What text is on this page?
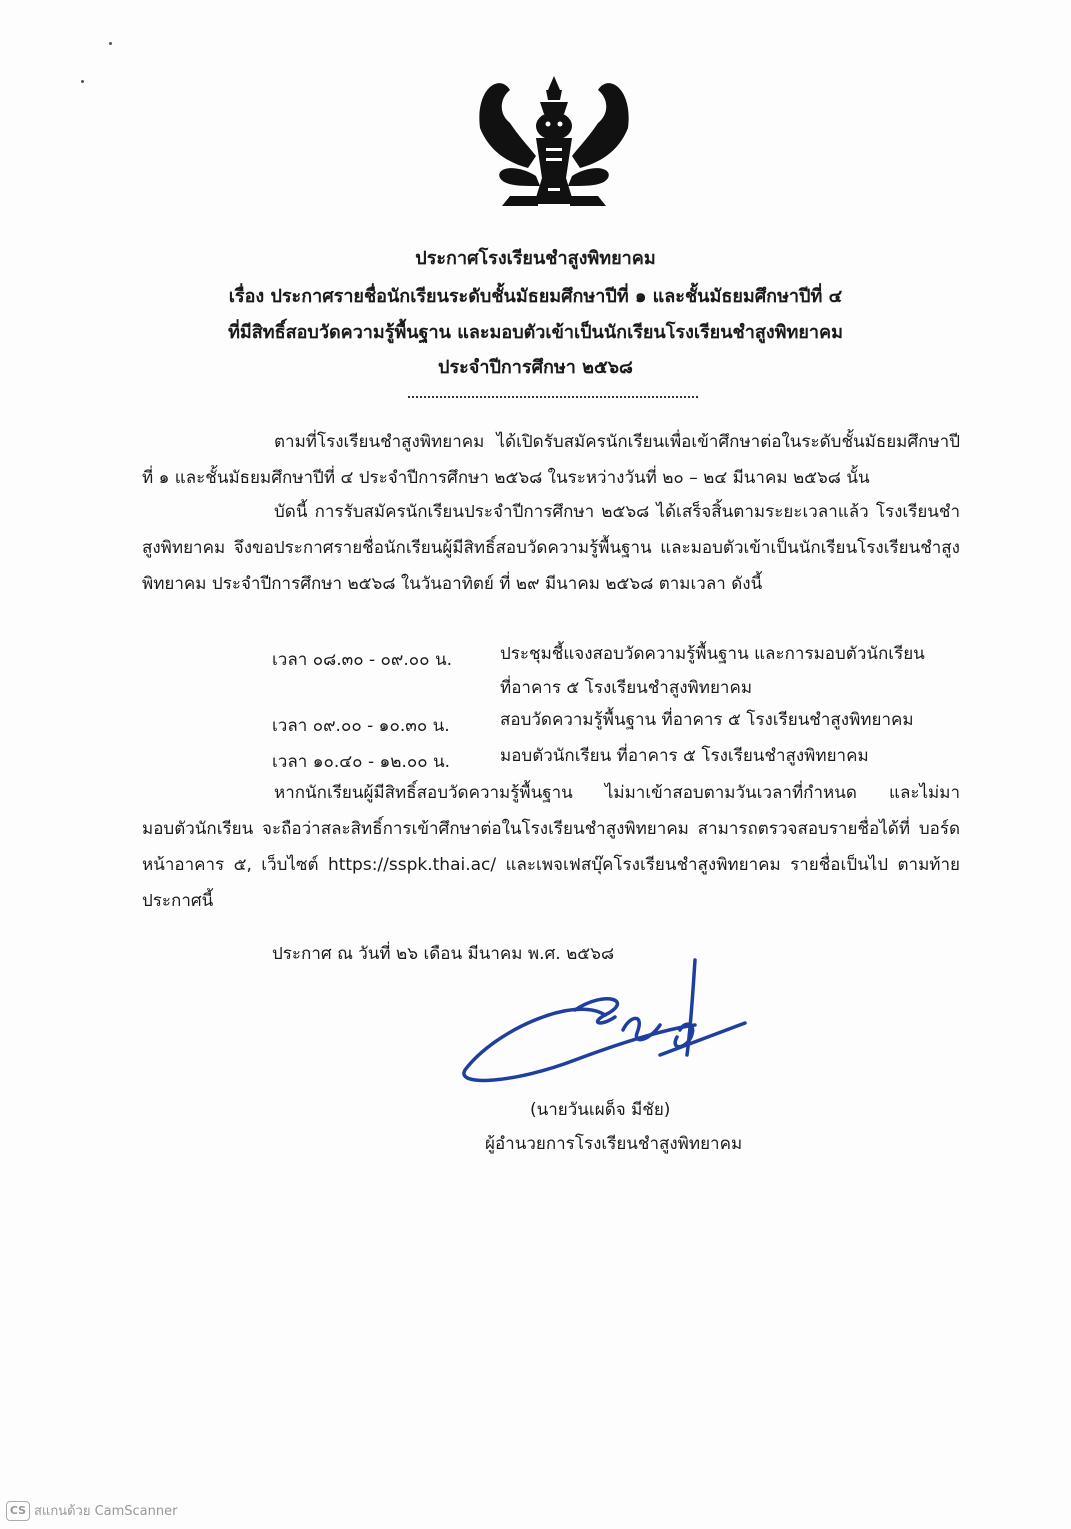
ประกาศโรงเรียนชำสูงพิทยาคม
เรื่อง ประกาศรายชื่อนักเรียนระดับชั้นมัธยมศึกษาปีที่ ๑ และชั้นมัธยมศึกษาปีที่ ๔
ที่มีสิทธิ์สอบวัดความรู้พื้นฐาน และมอบตัวเข้าเป็นนักเรียนโรงเรียนชำสูงพิทยาคม
ประจำปีการศึกษา ๒๕๖๘
ตามที่โรงเรียนชำสูงพิทยาคม ได้เปิดรับสมัครนักเรียนเพื่อเข้าศึกษาต่อในระดับชั้นมัธยมศึกษาปีที่ ๑ และชั้นมัธยมศึกษาปีที่ ๔ ประจำปีการศึกษา ๒๕๖๘ ในระหว่างวันที่ ๒๐ – ๒๔ มีนาคม ๒๕๖๘ นั้น
บัดนี้ การรับสมัครนักเรียนประจำปีการศึกษา ๒๕๖๘ ได้เสร็จสิ้นตามระยะเวลาแล้ว โรงเรียนชำสูงพิทยาคม จึงขอประกาศรายชื่อนักเรียนผู้มีสิทธิ์สอบวัดความรู้พื้นฐาน และมอบตัวเข้าเป็นนักเรียนโรงเรียนชำสูงพิทยาคม ประจำปีการศึกษา ๒๕๖๘ ในวันอาทิตย์ ที่ ๒๙ มีนาคม ๒๕๖๘ ตามเวลา ดังนี้
เวลา ๐๘.๓๐ - ๐๙.๐๐ น.	ประชุมชี้แจงสอบวัดความรู้พื้นฐาน และการมอบตัวนักเรียน
ที่อาคาร ๕ โรงเรียนชำสูงพิทยาคม
เวลา ๐๙.๐๐ - ๑๐.๓๐ น.	สอบวัดความรู้พื้นฐาน ที่อาคาร ๕ โรงเรียนชำสูงพิทยาคม
เวลา ๑๐.๔๐ - ๑๒.๐๐ น.	มอบตัวนักเรียน ที่อาคาร ๕ โรงเรียนชำสูงพิทยาคม
หากนักเรียนผู้มีสิทธิ์สอบวัดความรู้พื้นฐาน ไม่มาเข้าสอบตามวันเวลาที่กำหนด และไม่มา มอบตัวนักเรียน จะถือว่าสละสิทธิ์การเข้าศึกษาต่อในโรงเรียนชำสูงพิทยาคม สามารถตรวจสอบรายชื่อได้ที่ บอร์ดหน้าอาคาร ๕, เว็บไซต์ https://sspk.thai.ac/ และเพจเฟสบุ๊คโรงเรียนชำสูงพิทยาคม รายชื่อเป็นไป ตามท้ายประกาศนี้
ประกาศ ณ วันที่ ๒๖ เดือน มีนาคม พ.ศ. ๒๕๖๘
(นายวันเผด็จ มีชัย)
ผู้อำนวยการโรงเรียนชำสูงพิทยาคม
CS สแกนด้วย CamScanner
